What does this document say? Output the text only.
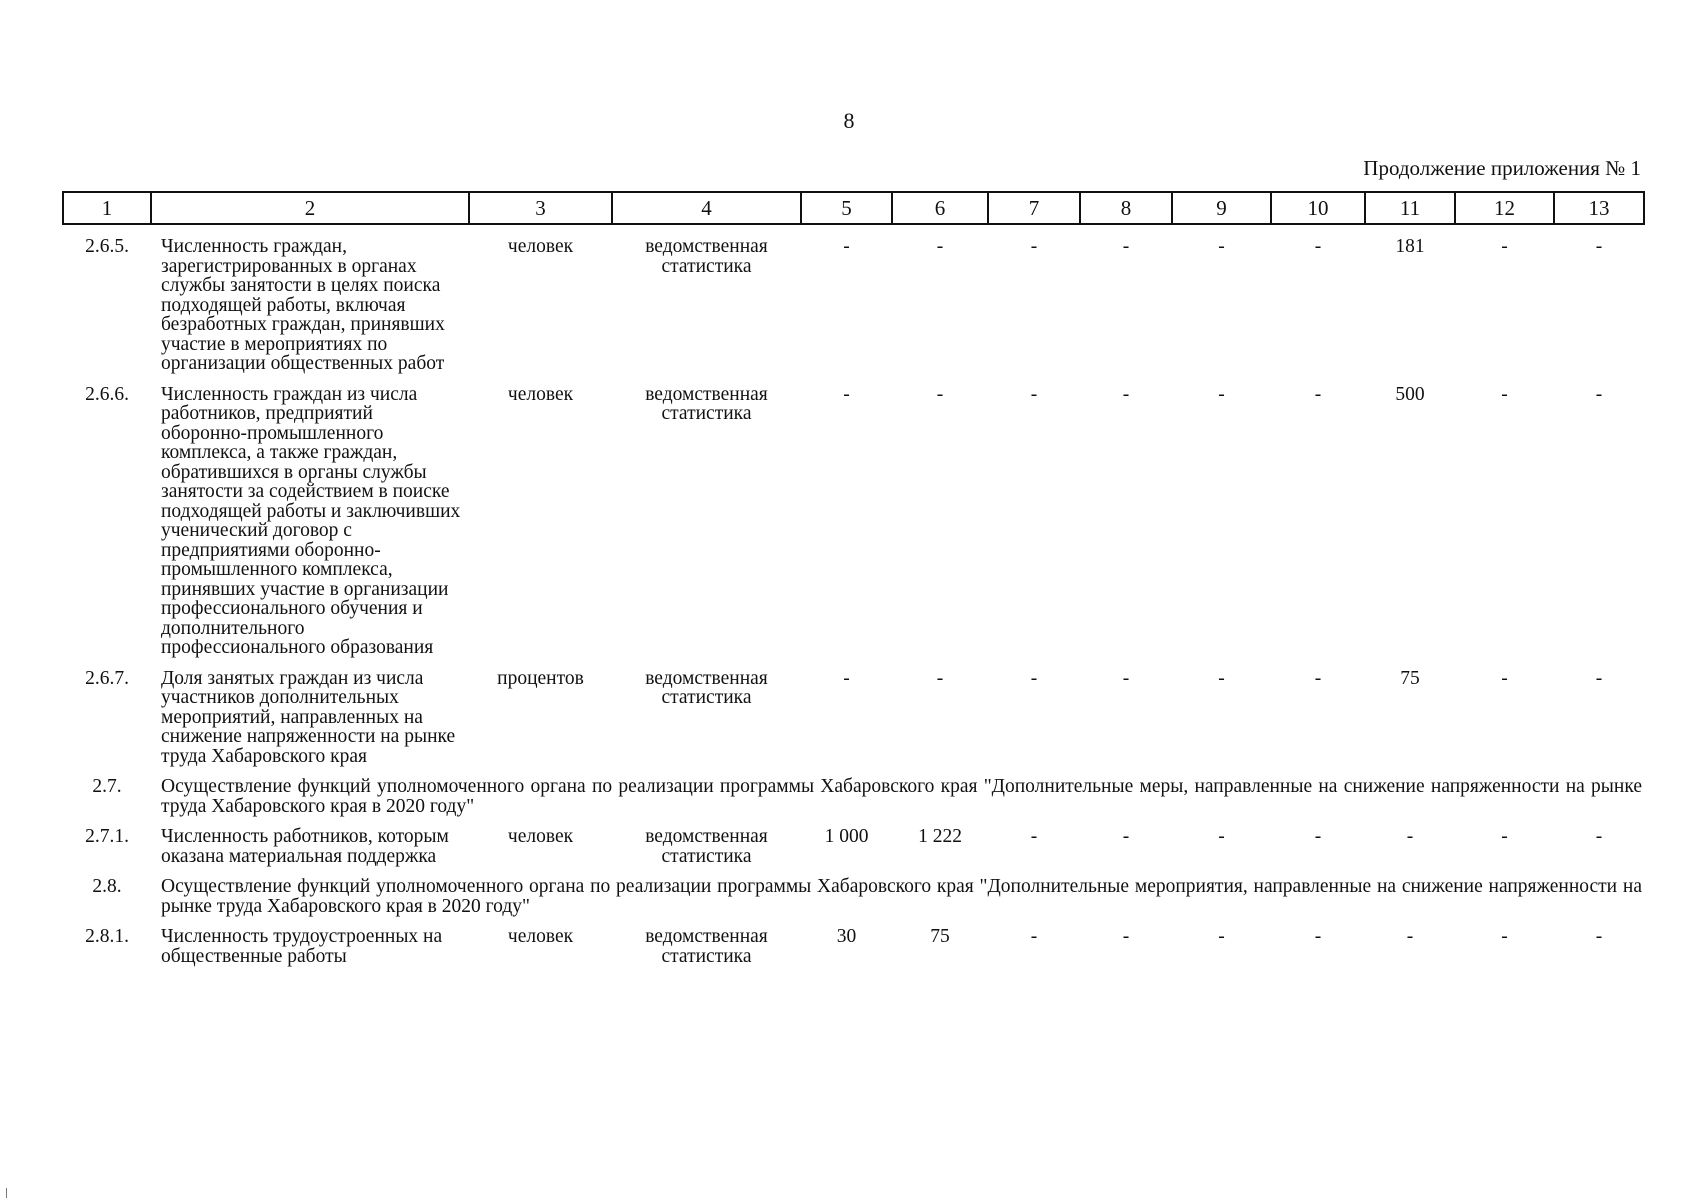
8
Продолжение приложения № 1
1	2	3	4	5	6	7	8	9	10	11	12	13
2.6.5.	Численность граждан, зарегистрированных в органах службы занятости в целях поиска подходящей работы, включая безработных граждан, принявших участие в мероприятиях по организации общественных работ	человек	ведомственная статистика	-	-	-	-	-	-	181	-	-
2.6.6.	Численность граждан из числа работников, предприятий оборонно-промышленного комплекса, а также граждан, обратившихся в органы службы занятости за содействием в поиске подходящей работы и заключивших ученический договор с предприятиями оборонно-промышленного комплекса, принявших участие в организации профессионального обучения и дополнительного профессионального образования	человек	ведомственная статистика	-	-	-	-	-	-	500	-	-
2.6.7.	Доля занятых граждан из числа участников дополнительных мероприятий, направленных на снижение напряженности на рынке труда Хабаровского края	процентов	ведомственная статистика	-	-	-	-	-	-	75	-	-
2.7.	Осуществление функций уполномоченного органа по реализации программы Хабаровского края "Дополнительные меры, направленные на снижение напряженности на рынке труда Хабаровского края в 2020 году"											
2.7.1.	Численность работников, которым оказана материальная поддержка	человек	ведомственная статистика	1 000	1 222	-	-	-	-	-	-	-
2.8.	Осуществление функций уполномоченного органа по реализации программы Хабаровского края "Дополнительные мероприятия, направленные на снижение напряженности на рынке труда Хабаровского края в 2020 году"											
2.8.1.	Численность трудоустроенных на общественные работы	человек	ведомственная статистика	30	75	-	-	-	-	-	-	-
